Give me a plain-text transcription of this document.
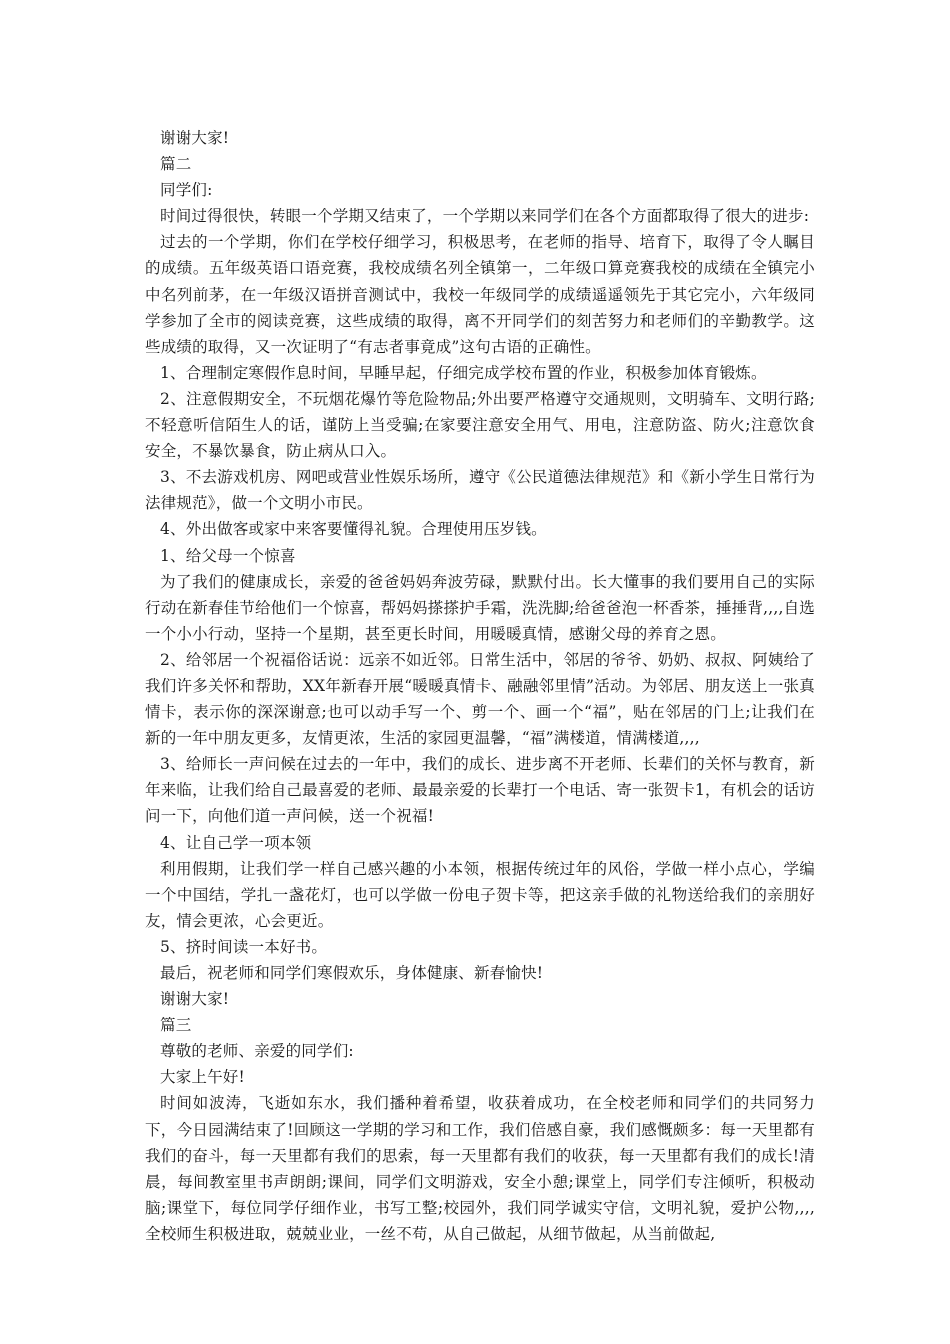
谢谢大家!

篇二

同学们:

时间过得很快，转眼一个学期又结束了，一个学期以来同学们在各个方面都取得了很大的进步:

过去的一个学期，你们在学校仔细学习，积极思考，在老师的指导、培育下，取得了令人瞩目的成绩。五年级英语口语竞赛，我校成绩名列全镇第一，二年级口算竞赛我校的成绩在全镇完小中名列前茅，在一年级汉语拼音测试中，我校一年级同学的成绩遥遥领先于其它完小，六年级同学参加了全市的阅读竞赛，这些成绩的取得，离不开同学们的刻苦努力和老师们的辛勤教学。这些成绩的取得，又一次证明了“有志者事竟成”这句古语的正确性。

1、合理制定寒假作息时间，早睡早起，仔细完成学校布置的作业，积极参加体育锻炼。

2、注意假期安全，不玩烟花爆竹等危险物品;外出要严格遵守交通规则，文明骑车、文明行路;不轻意听信陌生人的话，谨防上当受骗;在家要注意安全用气、用电，注意防盗、防火;注意饮食安全，不暴饮暴食，防止病从口入。

3、不去游戏机房、网吧或营业性娱乐场所，遵守《公民道德法律规范》和《新小学生日常行为法律规范》，做一个文明小市民。

4、外出做客或家中来客要懂得礼貌。合理使用压岁钱。

1、给父母一个惊喜

为了我们的健康成长，亲爱的爸爸妈妈奔波劳碌，默默付出。长大懂事的我们要用自己的实际行动在新春佳节给他们一个惊喜，帮妈妈搽搽护手霜，洗洗脚;给爸爸泡一杯香茶，捶捶背,,,,自选一个小小行动，坚持一个星期，甚至更长时间，用暖暖真情，感谢父母的养育之恩。

2、给邻居一个祝福俗话说：远亲不如近邻。日常生活中，邻居的爷爷、奶奶、叔叔、阿姨给了我们许多关怀和帮助，XX年新春开展“暖暖真情卡、融融邻里情”活动。为邻居、朋友送上一张真情卡，表示你的深深谢意;也可以动手写一个、剪一个、画一个“福”，贴在邻居的门上;让我们在新的一年中朋友更多，友情更浓，生活的家园更温馨，“福”满楼道，情满楼道,,,,

3、给师长一声问候在过去的一年中，我们的成长、进步离不开老师、长辈们的关怀与教育，新年来临，让我们给自己最喜爱的老师、最最亲爱的长辈打一个电话、寄一张贺卡1，有机会的话访问一下，向他们道一声问候，送一个祝福!

4、让自己学一项本领

利用假期，让我们学一样自己感兴趣的小本领，根据传统过年的风俗，学做一样小点心，学编一个中国结，学扎一盏花灯，也可以学做一份电子贺卡等，把这亲手做的礼物送给我们的亲朋好友，情会更浓，心会更近。

5、挤时间读一本好书。

最后，祝老师和同学们寒假欢乐，身体健康、新春愉快!

谢谢大家!

篇三

尊敬的老师、亲爱的同学们:

大家上午好!

时间如波涛，飞逝如东水，我们播种着希望，收获着成功，在全校老师和同学们的共同努力下，今日园满结束了!回顾这一学期的学习和工作，我们倍感自豪，我们感慨颇多：每一天里都有我们的奋斗，每一天里都有我们的思索，每一天里都有我们的收获，每一天里都有我们的成长!清晨，每间教室里书声朗朗;课间，同学们文明游戏，安全小憩;课堂上，同学们专注倾听，积极动脑;课堂下，每位同学仔细作业，书写工整;校园外，我们同学诚实守信，文明礼貌，爱护公物,,,,全校师生积极进取，兢兢业业，一丝不苟，从自己做起，从细节做起，从当前做起,
